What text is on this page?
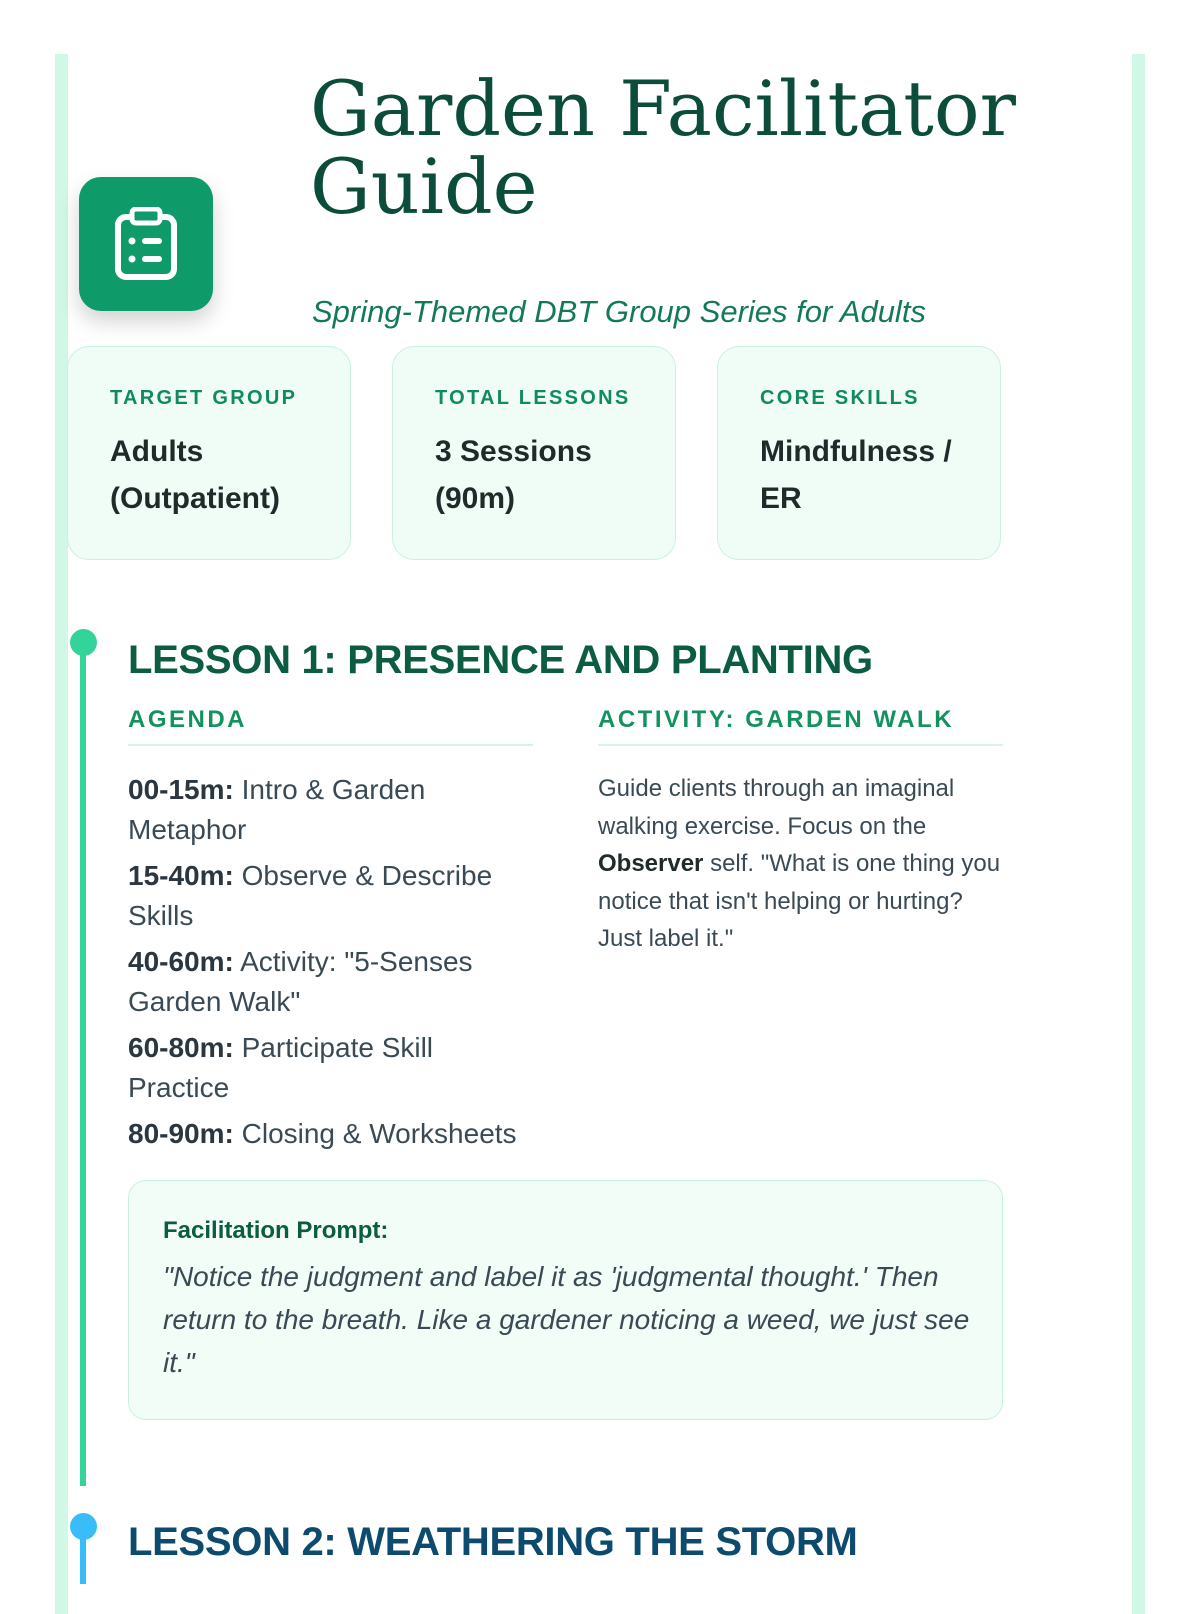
Garden Facilitator Guide
Spring-Themed DBT Group Series for Adults
TARGET GROUP
Adults (Outpatient)
TOTAL LESSONS
3 Sessions (90m)
CORE SKILLS
Mindfulness / ER
LESSON 1: PRESENCE AND PLANTING
AGENDA
00-15m: Intro & Garden Metaphor
15-40m: Observe & Describe Skills
40-60m: Activity: "5-Senses Garden Walk"
60-80m: Participate Skill Practice
80-90m: Closing & Worksheets
ACTIVITY: GARDEN WALK
Guide clients through an imaginal walking exercise. Focus on the Observer self. "What is one thing you notice that isn't helping or hurting? Just label it."
Facilitation Prompt:
"Notice the judgment and label it as 'judgmental thought.' Then return to the breath. Like a gardener noticing a weed, we just see it."
LESSON 2: WEATHERING THE STORM
